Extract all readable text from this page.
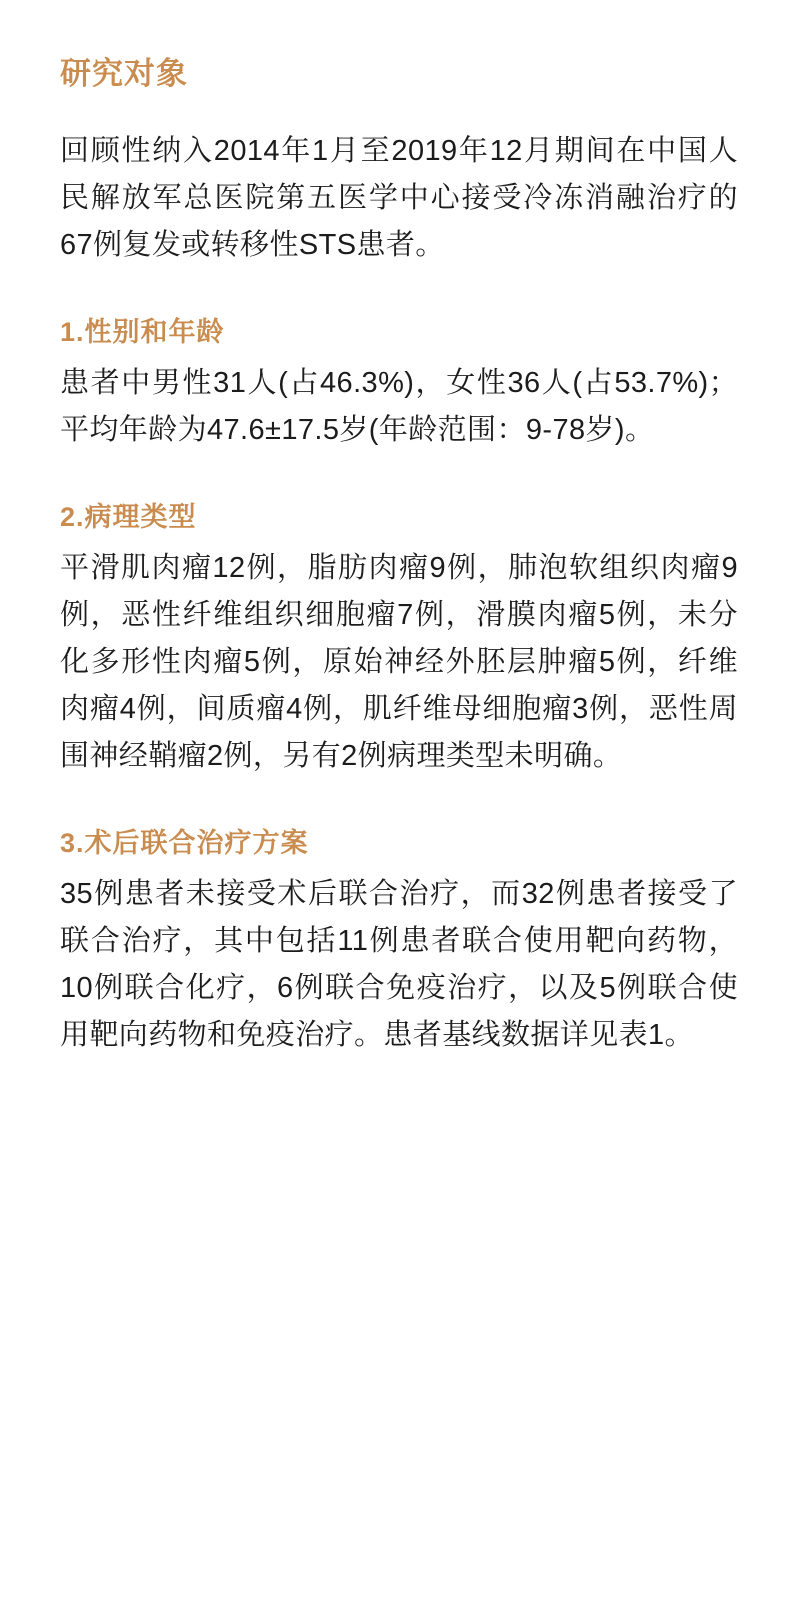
研究对象

回顾性纳入2014年1月至2019年12月期间在中国人民解放军总医院第五医学中心接受冷冻消融治疗的67例复发或转移性STS患者。

1.性别和年龄

患者中男性31人(占46.3%)，女性36人(占53.7%)；平均年龄为47.6±17.5岁(年龄范围：9-78岁)。

2.病理类型

平滑肌肉瘤12例，脂肪肉瘤9例，肺泡软组织肉瘤9例，恶性纤维组织细胞瘤7例，滑膜肉瘤5例，未分化多形性肉瘤5例，原始神经外胚层肿瘤5例，纤维肉瘤4例，间质瘤4例，肌纤维母细胞瘤3例，恶性周围神经鞘瘤2例，另有2例病理类型未明确。

3.术后联合治疗方案

35例患者未接受术后联合治疗，而32例患者接受了联合治疗，其中包括11例患者联合使用靶向药物，10例联合化疗，6例联合免疫治疗，以及5例联合使用靶向药物和免疫治疗。患者基线数据详见表1。
